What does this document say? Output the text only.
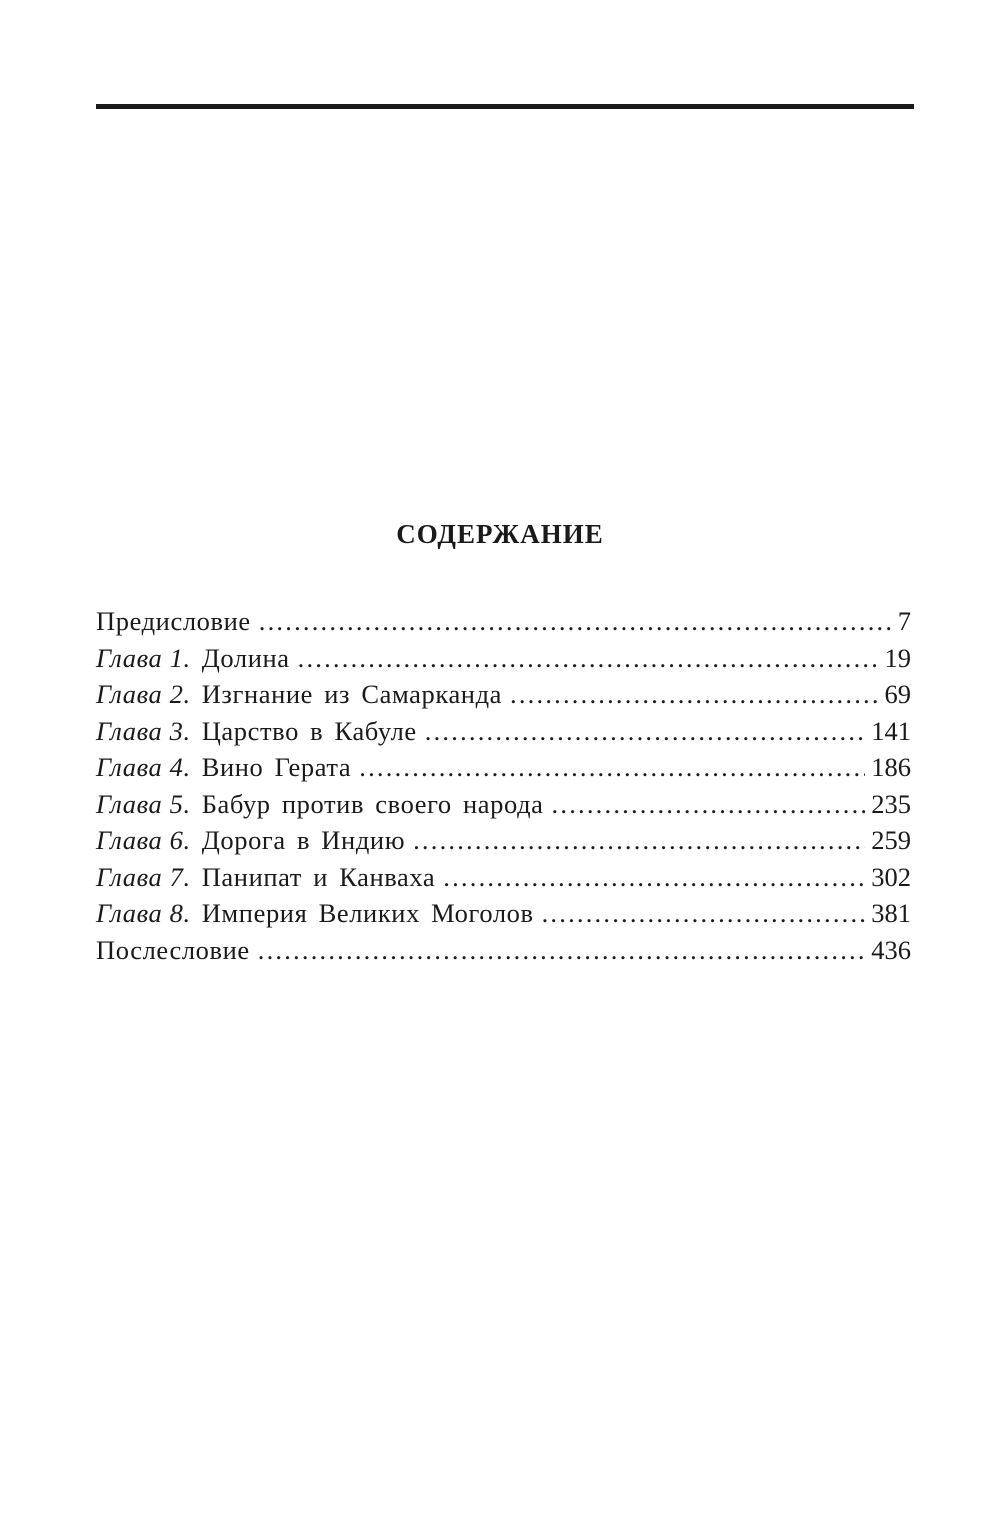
СОДЕРЖАНИЕ
Предисловие .....	7
Глава 1. Долина .....	19
Глава 2. Изгнание из Самарканда .....	69
Глава 3. Царство в Кабуле .....	141
Глава 4. Вино Герата .....	186
Глава 5. Бабур против своего народа .....	235
Глава 6. Дорога в Индию .....	259
Глава 7. Панипат и Канваха .....	302
Глава 8. Империя Великих Моголов .....	381
Послесловие .....	436
